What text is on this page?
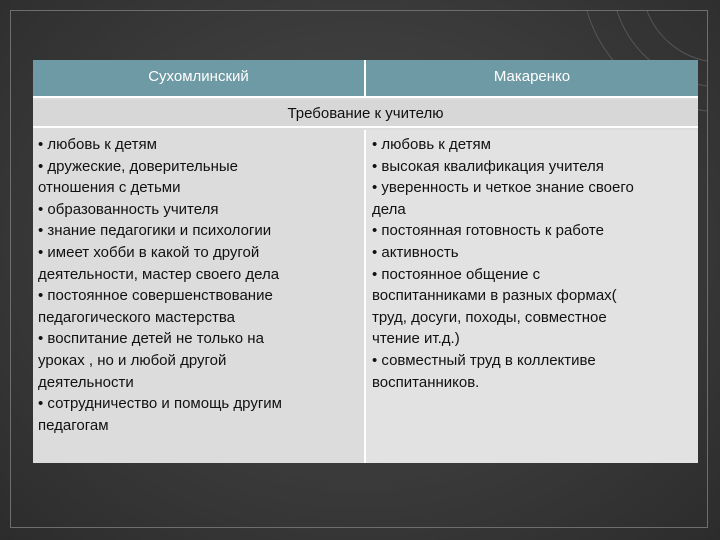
Сухомлинский	Макаренко
Требование к учителю
• любовь к детям
• дружеские, доверительные
отношения с детьми
• образованность учителя
• знание педагогики и психологии
• имеет хобби в какой то другой
деятельности, мастер своего дела
• постоянное совершенствование
педагогического мастерства
• воспитание детей не только на
уроках , но и любой другой
деятельности
• сотрудничество и помощь другим
педагогам
• любовь к детям
• высокая квалификация учителя
• уверенность и четкое знание своего
дела
• постоянная готовность к работе
• активность
• постоянное общение с
воспитанниками в разных формах(
труд, досуги, походы, совместное
чтение ит.д.)
• совместный труд в коллективе
воспитанников.
